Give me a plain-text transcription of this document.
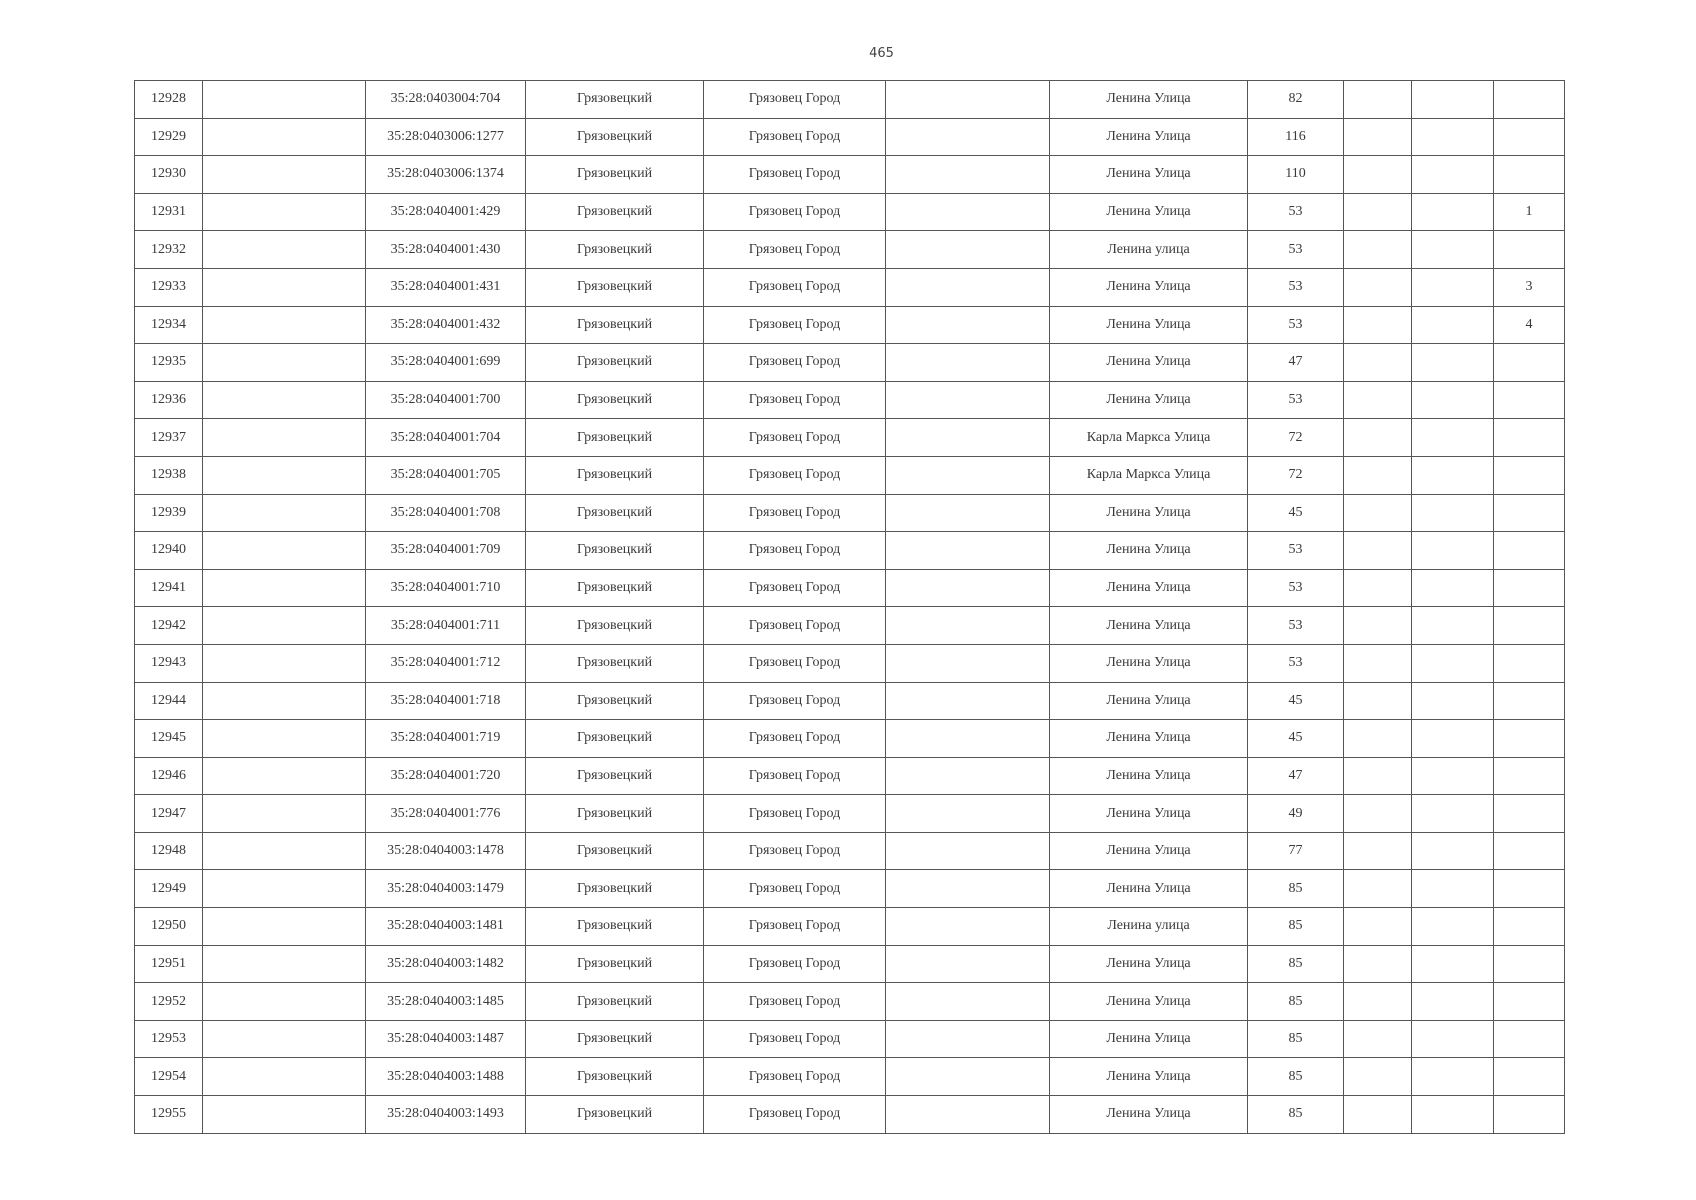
465
12928		35:28:0403004:704	Грязовецкий	Грязовец Город		Ленина Улица	82			
12929		35:28:0403006:1277	Грязовецкий	Грязовец Город		Ленина Улица	116			
12930		35:28:0403006:1374	Грязовецкий	Грязовец Город		Ленина Улица	110			
12931		35:28:0404001:429	Грязовецкий	Грязовец Город		Ленина Улица	53			1
12932		35:28:0404001:430	Грязовецкий	Грязовец Город		Ленина улица	53			
12933		35:28:0404001:431	Грязовецкий	Грязовец Город		Ленина Улица	53			3
12934		35:28:0404001:432	Грязовецкий	Грязовец Город		Ленина Улица	53			4
12935		35:28:0404001:699	Грязовецкий	Грязовец Город		Ленина Улица	47			
12936		35:28:0404001:700	Грязовецкий	Грязовец Город		Ленина Улица	53			
12937		35:28:0404001:704	Грязовецкий	Грязовец Город		Карла Маркса Улица	72			
12938		35:28:0404001:705	Грязовецкий	Грязовец Город		Карла Маркса Улица	72			
12939		35:28:0404001:708	Грязовецкий	Грязовец Город		Ленина Улица	45			
12940		35:28:0404001:709	Грязовецкий	Грязовец Город		Ленина Улица	53			
12941		35:28:0404001:710	Грязовецкий	Грязовец Город		Ленина Улица	53			
12942		35:28:0404001:711	Грязовецкий	Грязовец Город		Ленина Улица	53			
12943		35:28:0404001:712	Грязовецкий	Грязовец Город		Ленина Улица	53			
12944		35:28:0404001:718	Грязовецкий	Грязовец Город		Ленина Улица	45			
12945		35:28:0404001:719	Грязовецкий	Грязовец Город		Ленина Улица	45			
12946		35:28:0404001:720	Грязовецкий	Грязовец Город		Ленина Улица	47			
12947		35:28:0404001:776	Грязовецкий	Грязовец Город		Ленина Улица	49			
12948		35:28:0404003:1478	Грязовецкий	Грязовец Город		Ленина Улица	77			
12949		35:28:0404003:1479	Грязовецкий	Грязовец Город		Ленина Улица	85			
12950		35:28:0404003:1481	Грязовецкий	Грязовец Город		Ленина улица	85			
12951		35:28:0404003:1482	Грязовецкий	Грязовец Город		Ленина Улица	85			
12952		35:28:0404003:1485	Грязовецкий	Грязовец Город		Ленина Улица	85			
12953		35:28:0404003:1487	Грязовецкий	Грязовец Город		Ленина Улица	85			
12954		35:28:0404003:1488	Грязовецкий	Грязовец Город		Ленина Улица	85			
12955		35:28:0404003:1493	Грязовецкий	Грязовец Город		Ленина Улица	85			
